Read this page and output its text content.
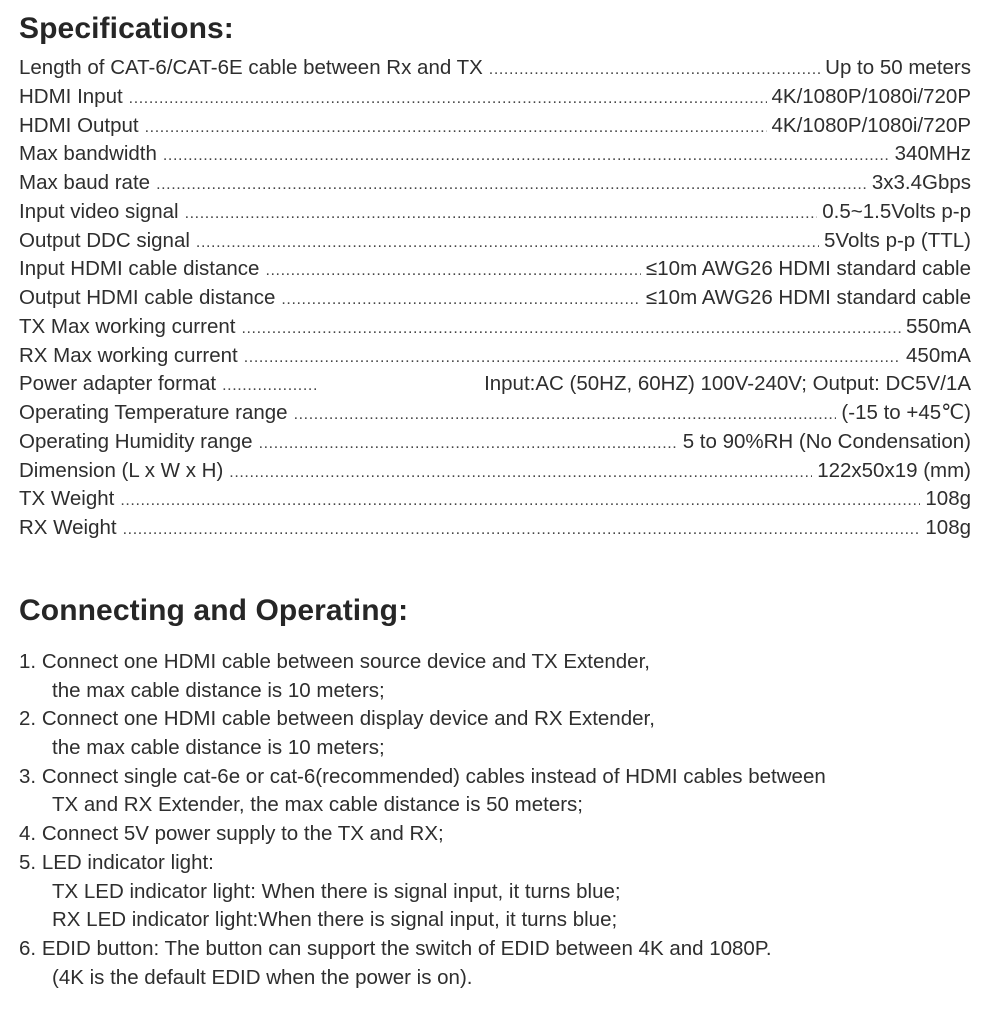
Specifications:
Length of CAT-6/CAT-6E cable between Rx and TX .....	Up to 50 meters
HDMI Input .....	4K/1080P/1080i/720P
HDMI Output .....	4K/1080P/1080i/720P
Max bandwidth .....	340MHz
Max baud rate .....	3x3.4Gbps
Input video signal .....	0.5~1.5Volts p-p
Output DDC signal .....	5Volts p-p (TTL)
Input HDMI cable distance .....	≤10m AWG26 HDMI standard cable
Output HDMI cable distance .....	≤10m AWG26 HDMI standard cable
TX Max working current .....	550mA
RX Max working current .....	450mA
Power adapter format .....	Input:AC (50HZ, 60HZ) 100V-240V; Output: DC5V/1A
Operating Temperature range .....	(-15 to +45℃)
Operating Humidity range .....	5 to 90%RH (No Condensation)
Dimension (L x W x H) .....	122x50x19 (mm)
TX Weight .....	108g
RX Weight .....	108g
Connecting and Operating:
1. Connect one HDMI cable between source device and TX Extender,
the max cable distance is 10 meters;
2. Connect one HDMI cable between display device and RX Extender,
the max cable distance is 10 meters;
3. Connect single cat-6e or cat-6(recommended) cables instead of HDMI cables between
TX and RX Extender, the max cable distance is 50 meters;
4. Connect 5V power supply to the TX and RX;
5. LED indicator light:
TX LED indicator light: When there is signal input, it turns blue;
RX LED indicator light:When there is signal input, it turns blue;
6. EDID button: The button can support the switch of EDID between 4K and 1080P.
(4K is the default EDID when the power is on).
